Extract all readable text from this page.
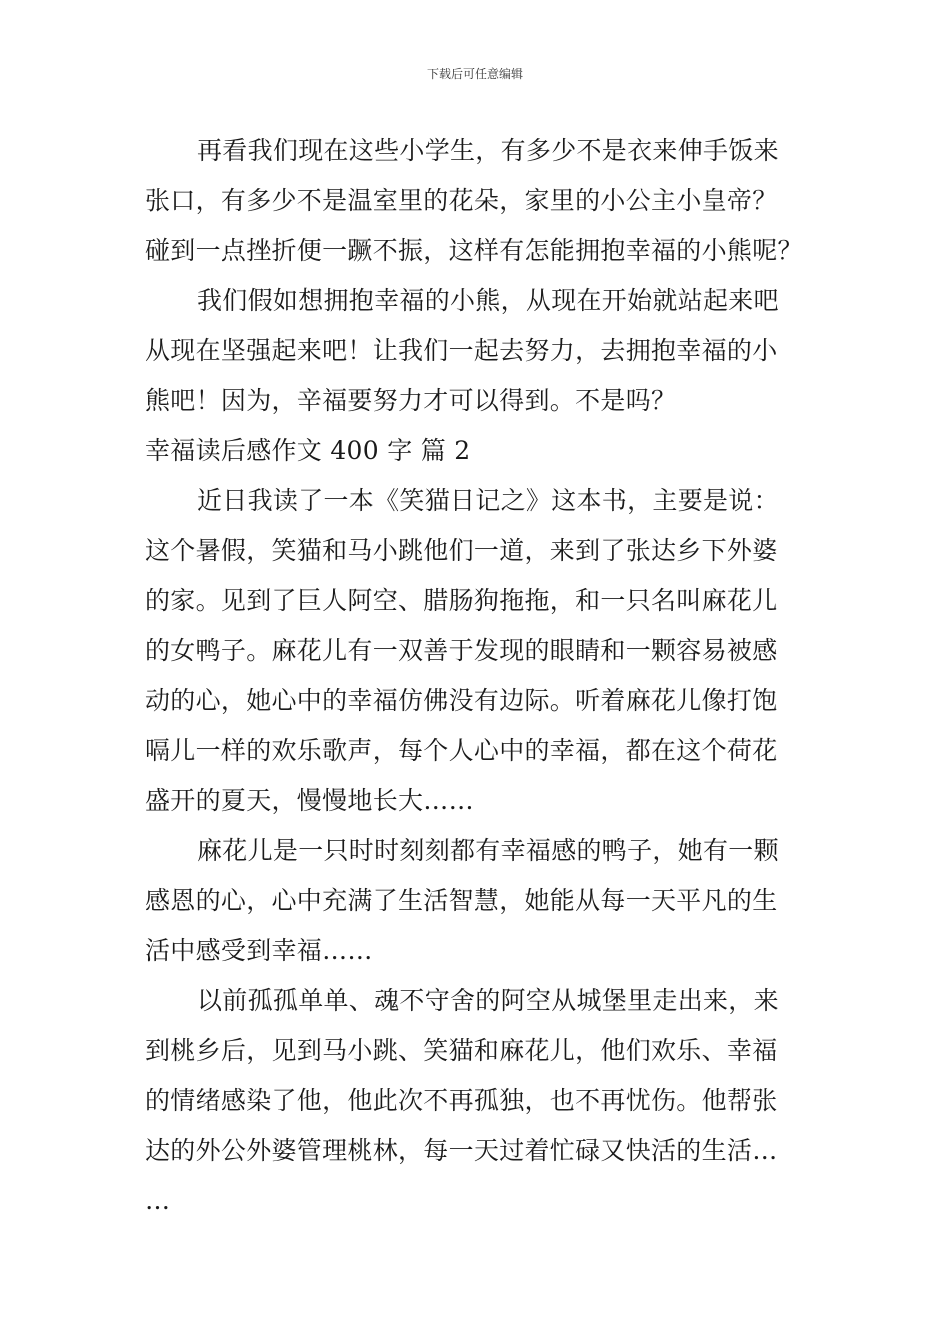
下载后可任意编辑
再看我们现在这些小学生，有多少不是衣来伸手饭来
张口，有多少不是温室里的花朵，家里的小公主小皇帝？
碰到一点挫折便一蹶不振，这样有怎能拥抱幸福的小熊呢？
我们假如想拥抱幸福的小熊，从现在开始就站起来吧
从现在坚强起来吧！让我们一起去努力，去拥抱幸福的小
熊吧！因为，辛福要努力才可以得到。不是吗？
幸福读后感作文 400 字 篇 2
近日我读了一本《笑猫日记之》这本书，主要是说：
这个暑假，笑猫和马小跳他们一道，来到了张达乡下外婆
的家。见到了巨人阿空、腊肠狗拖拖，和一只名叫麻花儿
的女鸭子。麻花儿有一双善于发现的眼睛和一颗容易被感
动的心，她心中的幸福仿佛没有边际。听着麻花儿像打饱
嗝儿一样的欢乐歌声，每个人心中的幸福，都在这个荷花
盛开的夏天，慢慢地长大……
麻花儿是一只时时刻刻都有幸福感的鸭子，她有一颗
感恩的心，心中充满了生活智慧，她能从每一天平凡的生
活中感受到幸福……
以前孤孤单单、魂不守舍的阿空从城堡里走出来，来
到桃乡后，见到马小跳、笑猫和麻花儿，他们欢乐、幸福
的情绪感染了他，他此次不再孤独，也不再忧伤。他帮张
达的外公外婆管理桃林，每一天过着忙碌又快活的生活…
…
